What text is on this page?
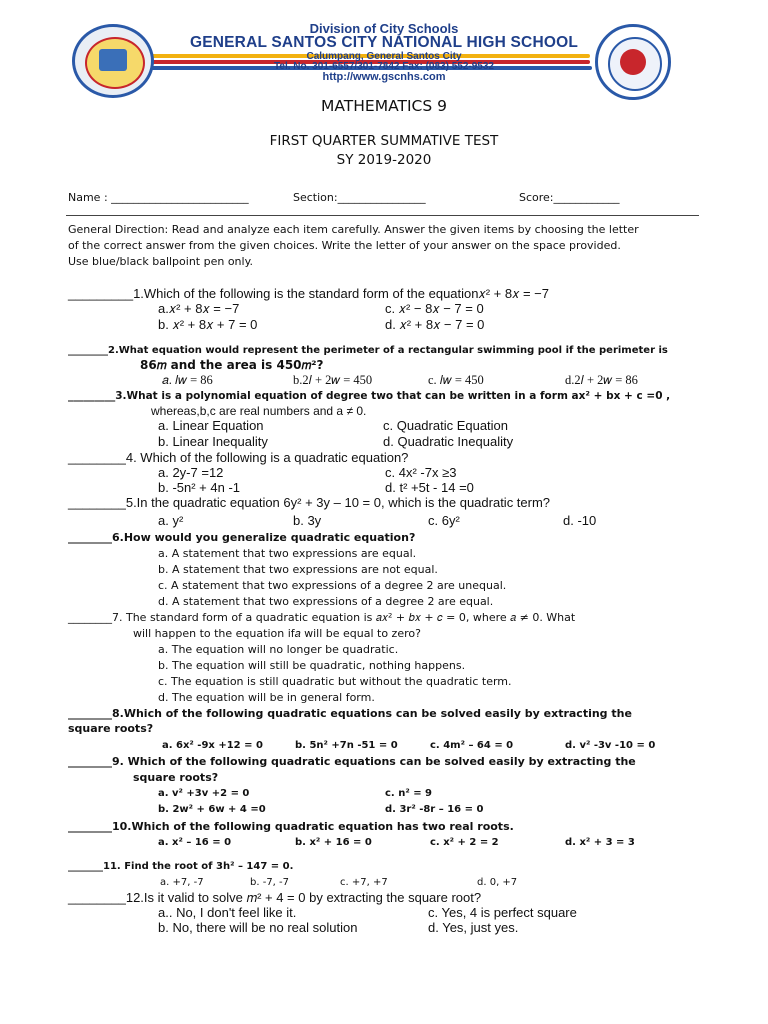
Division of City Schools
GENERAL SANTOS CITY NATIONAL HIGH SCHOOL
Calumpang, General Santos City
Tel. No. 301-6557/301-7842 Fax: (083) 552-9532
http://www.gscnhs.com
MATHEMATICS 9
FIRST QUARTER SUMMATIVE TEST
SY 2019-2020
Name : _________________________	Section:________________	Score:____________
General Direction: Read and analyze each item carefully. Answer the given items by choosing the letter
of the correct answer from the given choices. Write the letter of your answer on the space provided.
Use blue/black ballpoint pen only.
_________1.Which of the following is the standard form of the equation𝑥² + 8𝑥 = −7
a.𝑥² + 8𝑥 = −7	c. 𝑥² − 8𝑥 − 7 = 0
b. 𝑥² + 8𝑥 + 7 = 0	d. 𝑥² + 8𝑥 − 7 = 0
________2.What equation would represent the perimeter of a rectangular swimming pool if the perimeter is
86𝑚 and the area is 450𝑚²?
𝑎. 𝑙𝑤 = 86	b.2𝑙 + 2𝑤 = 450	c. 𝑙𝑤 = 450	d.2𝑙 + 2𝑤 = 86
_________3.What is a polynomial equation of degree two that can be written in a form ax² + bx + c =0 ,
whereas,b,c are real numbers and a ≠ 0.
a. Linear Equation	c. Quadratic Equation
b. Linear Inequality	d. Quadratic Inequality
________4. Which of the following is a quadratic equation?
a. 2y-7 =12	c. 4x² -7x ≥3
b. -5n² + 4n -1	d. t² +5t - 14 =0
________5.In the quadratic equation 6y² + 3y – 10 = 0, which is the quadratic term?
a. y²	b. 3y	c. 6y²	d. -10
________6.How would you generalize quadratic equation?
a. A statement that two expressions are equal.
b. A statement that two expressions are not equal.
c. A statement that two expressions of a degree 2 are unequal.
d. A statement that two expressions of a degree 2 are equal.
________7. The standard form of a quadratic equation is 𝑎𝑥² + 𝑏𝑥 + 𝑐 = 0, where 𝑎 ≠ 0. What
will happen to the equation if𝑎 will be equal to zero?
a. The equation will no longer be quadratic.
b. The equation will still be quadratic, nothing happens.
c. The equation is still quadratic but without the quadratic term.
d. The equation will be in general form.
________8.Which of the following quadratic equations can be solved easily by extracting the
square roots?
a. 6x² -9x +12 = 0	b. 5n² +7n -51 = 0	c. 4m² – 64 = 0	d. v² -3v -10 = 0
________9. Which of the following quadratic equations can be solved easily by extracting the
square roots?
a. v² +3v +2 = 0	c. n² = 9
b. 2w² + 6w + 4 =0	d. 3r² -8r – 16 = 0
________10.Which of the following quadratic equation has two real roots.
a. x² – 16 = 0	b. x² + 16 = 0	c. x² + 2 = 2	d. x² + 3 = 3
_______11. Find the root of 3h² – 147 = 0.
a. +7, -7	b. -7, -7	c. +7, +7	d. 0, +7
________12.Is it valid to solve 𝑚² + 4 = 0 by extracting the square root?
a.. No, I don't feel like it.	c. Yes, 4 is perfect square
b. No, there will be no real solution	d. Yes, just yes.
